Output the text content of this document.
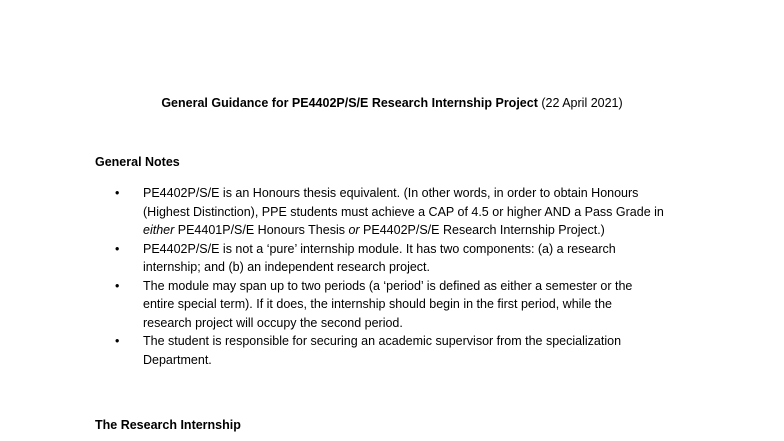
General Guidance for PE4402P/S/E Research Internship Project (22 April 2021)
General Notes
• PE4402P/S/E is an Honours thesis equivalent. (In other words, in order to obtain Honours
(Highest Distinction), PPE students must achieve a CAP of 4.5 or higher AND a Pass Grade in
either PE4401P/S/E Honours Thesis or PE4402P/S/E Research Internship Project.)
• PE4402P/S/E is not a ‘pure’ internship module. It has two components: (a) a research
internship; and (b) an independent research project.
• The module may span up to two periods (a ‘period’ is defined as either a semester or the
entire special term). If it does, the internship should begin in the first period, while the
research project will occupy the second period.
• The student is responsible for securing an academic supervisor from the specialization
Department.
The Research Internship
